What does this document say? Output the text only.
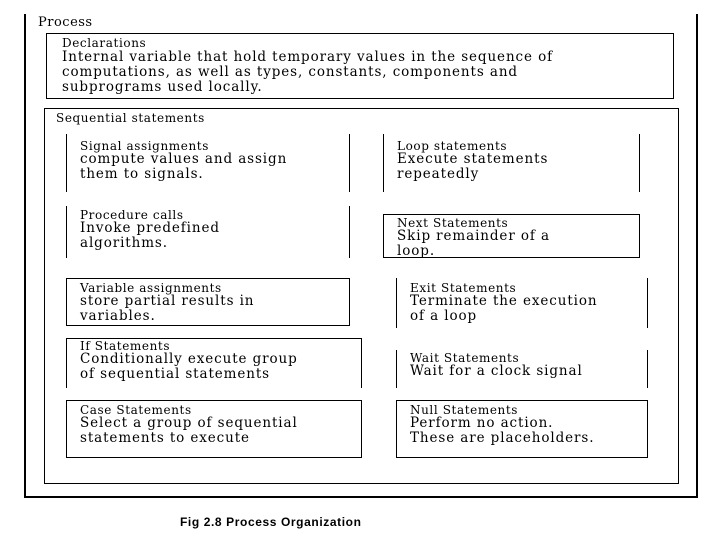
Process
Declarations
Internal variable that hold temporary values in the sequence of
computations, as well as types, constants, components and
subprograms used locally.
Sequential statements
Signal assignments
compute values and assign
them to signals.
Procedure calls
Invoke predefined
algorithms.
Variable assignments
store partial results in
variables.
If Statements
Conditionally execute group
of sequential statements
Case Statements
Select a group of sequential
statements to execute
Loop statements
Execute statements
repeatedly
Next Statements
Skip remainder of a
loop.
Exit Statements
Terminate the execution
of a loop
Wait Statements
Wait for a clock signal
Null Statements
Perform no action.
These are placeholders.
Fig 2.8 Process Organization
